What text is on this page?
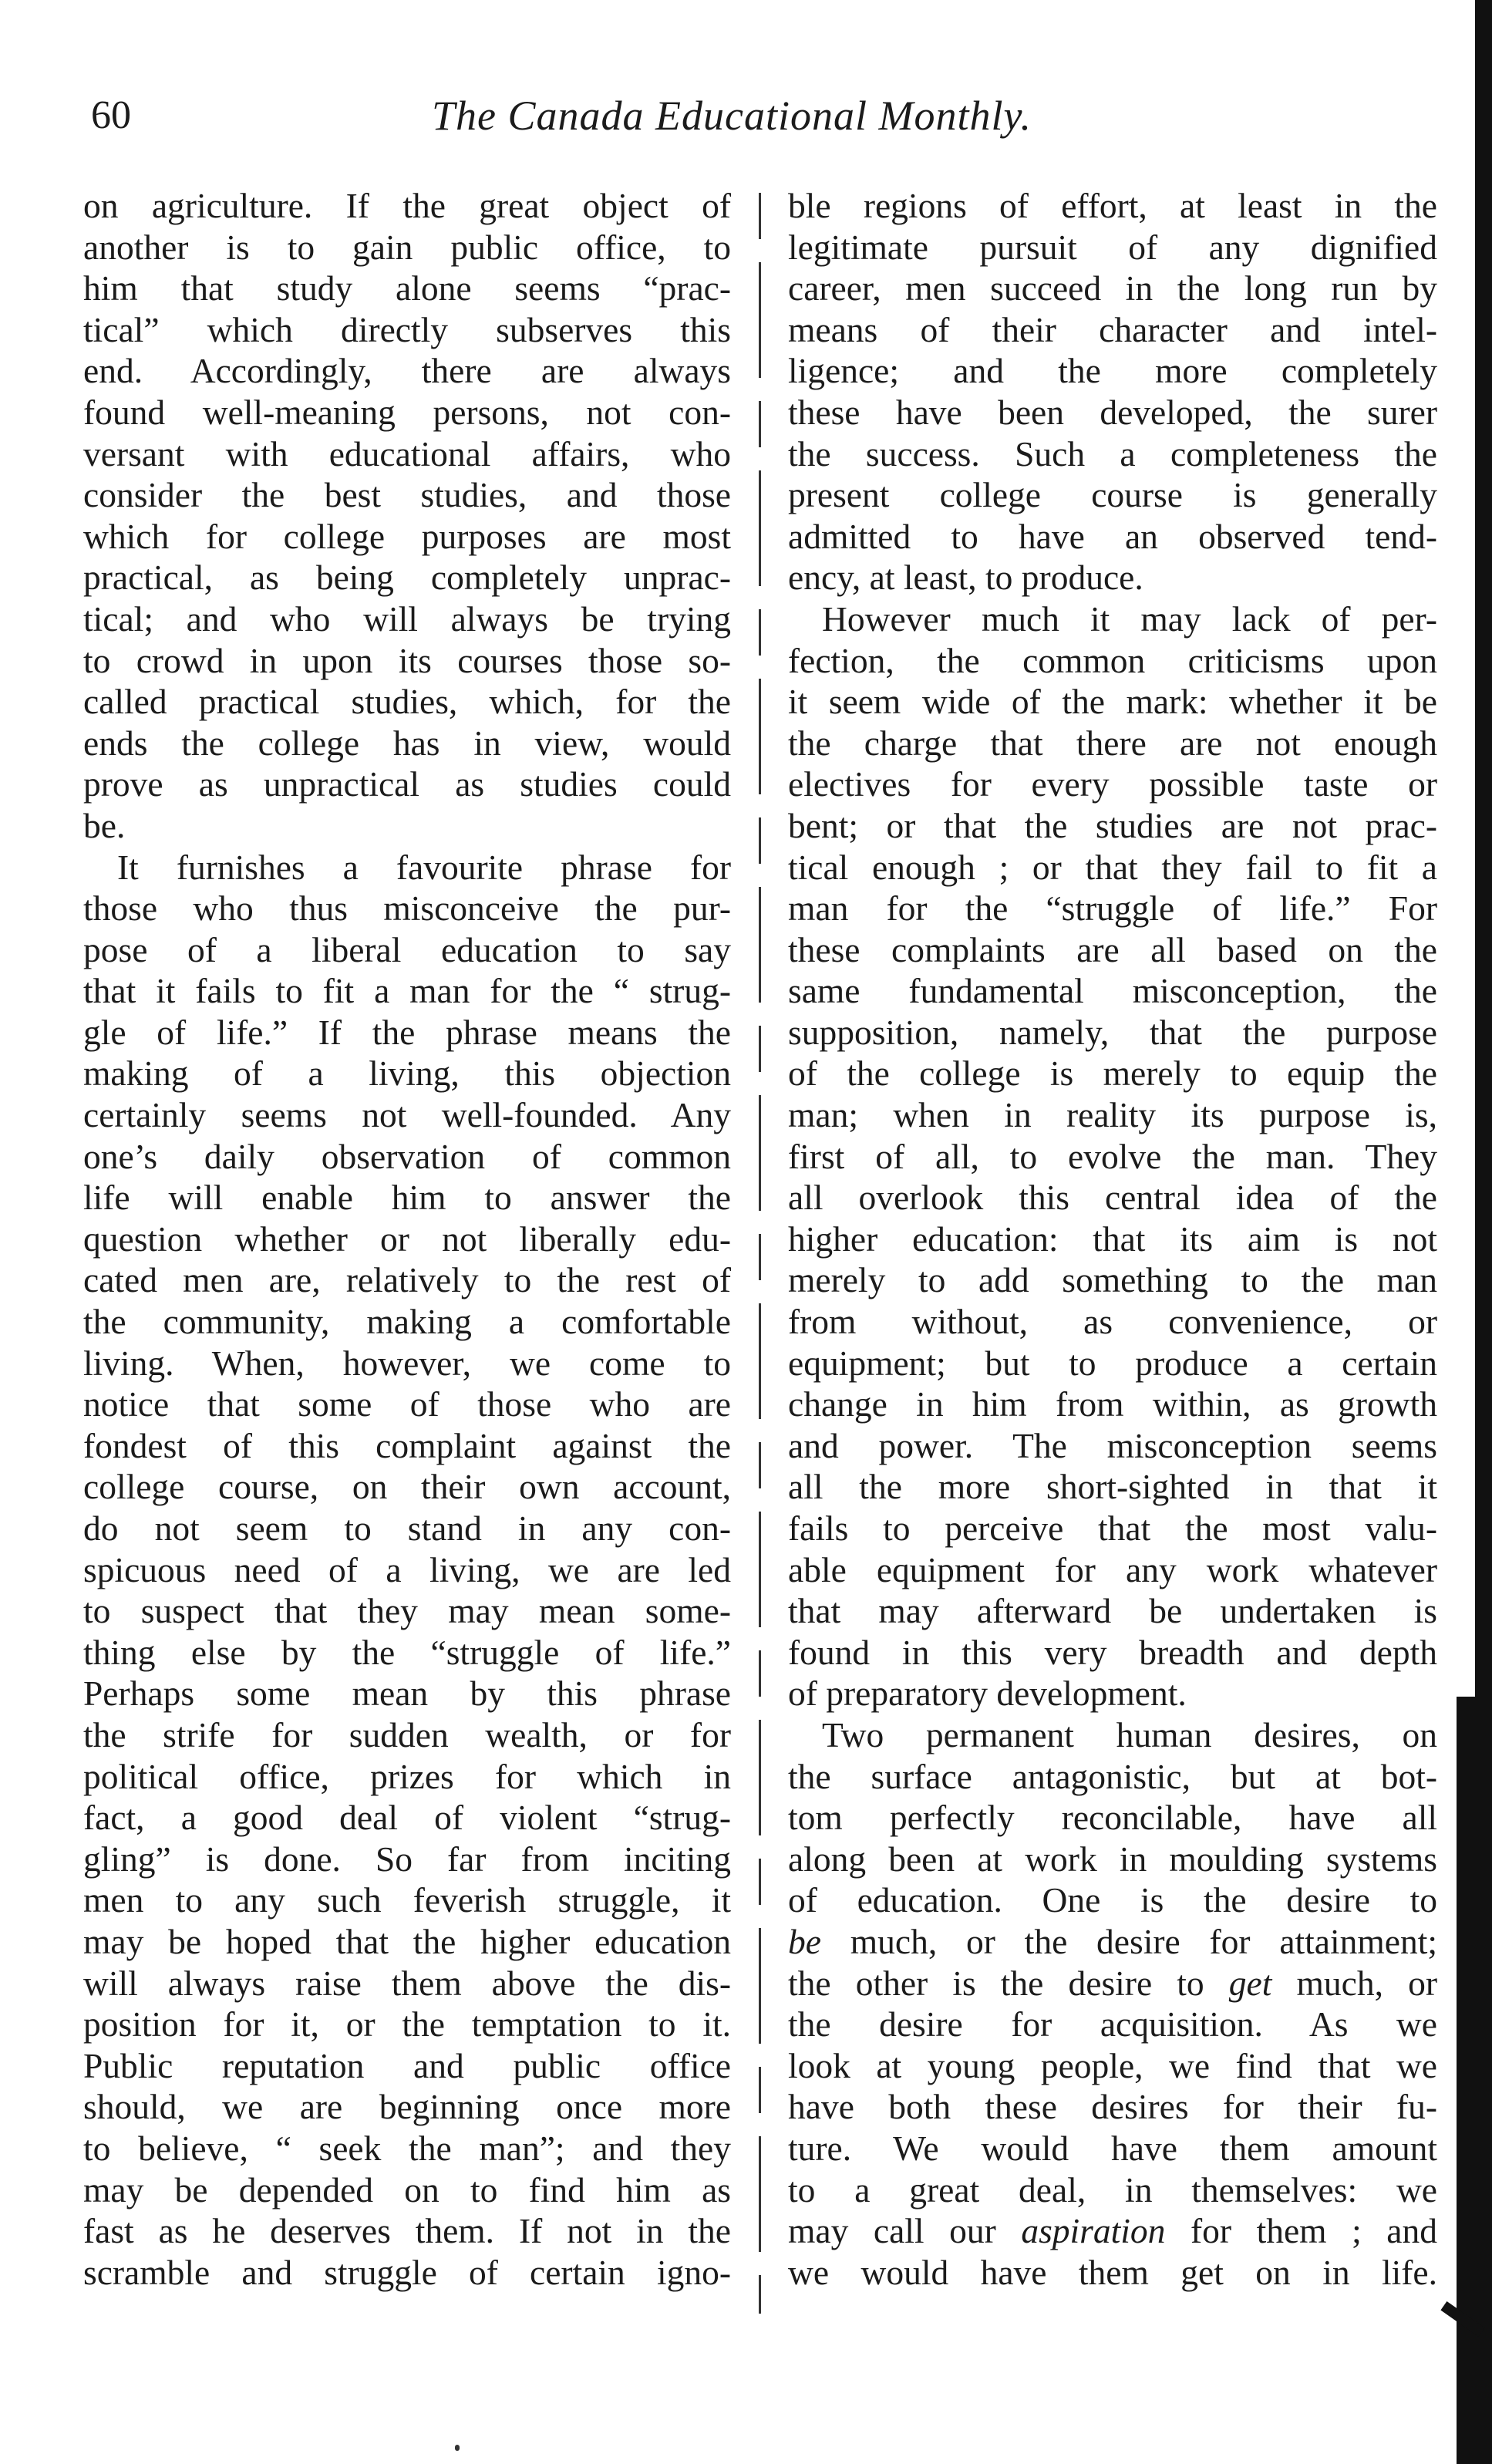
60	The Canada Educational Monthly.
on agriculture. If the great object of
another is to gain public office, to
him that study alone seems “prac-
tical” which directly subserves this
end. Accordingly, there are always
found well-meaning persons, not con-
versant with educational affairs, who
consider the best studies, and those
which for college purposes are most
practical, as being completely unprac-
tical; and who will always be trying
to crowd in upon its courses those so-
called practical studies, which, for the
ends the college has in view, would
prove as unpractical as studies could
be.
It furnishes a favourite phrase for
those who thus misconceive the pur-
pose of a liberal education to say
that it fails to fit a man for the “ strug-
gle of life.” If the phrase means the
making of a living, this objection
certainly seems not well-founded. Any
one’s daily observation of common
life will enable him to answer the
question whether or not liberally edu-
cated men are, relatively to the rest of
the community, making a comfortable
living. When, however, we come to
notice that some of those who are
fondest of this complaint against the
college course, on their own account,
do not seem to stand in any con-
spicuous need of a living, we are led
to suspect that they may mean some-
thing else by the “struggle of life.”
Perhaps some mean by this phrase
the strife for sudden wealth, or for
political office, prizes for which in
fact, a good deal of violent “strug-
gling” is done. So far from inciting
men to any such feverish struggle, it
may be hoped that the higher education
will always raise them above the dis-
position for it, or the temptation to it.
Public reputation and public office
should, we are beginning once more
to believe, “ seek the man”; and they
may be depended on to find him as
fast as he deserves them. If not in the
scramble and struggle of certain igno-
ble regions of effort, at least in the
legitimate pursuit of any dignified
career, men succeed in the long run by
means of their character and intel-
ligence; and the more completely
these have been developed, the surer
the success. Such a completeness the
present college course is generally
admitted to have an observed tend-
ency, at least, to produce.
However much it may lack of per-
fection, the common criticisms upon
it seem wide of the mark: whether it be
the charge that there are not enough
electives for every possible taste or
bent; or that the studies are not prac-
tical enough ; or that they fail to fit a
man for the “struggle of life.” For
these complaints are all based on the
same fundamental misconception, the
supposition, namely, that the purpose
of the college is merely to equip the
man; when in reality its purpose is,
first of all, to evolve the man. They
all overlook this central idea of the
higher education: that its aim is not
merely to add something to the man
from without, as convenience, or
equipment; but to produce a certain
change in him from within, as growth
and power. The misconception seems
all the more short-sighted in that it
fails to perceive that the most valu-
able equipment for any work whatever
that may afterward be undertaken is
found in this very breadth and depth
of preparatory development.
Two permanent human desires, on
the surface antagonistic, but at bot-
tom perfectly reconcilable, have all
along been at work in moulding systems
of education. One is the desire to
be much, or the desire for attainment;
the other is the desire to get much, or
the desire for acquisition. As we
look at young people, we find that we
have both these desires for their fu-
ture. We would have them amount
to a great deal, in themselves: we
may call our aspiration for them ; and
we would have them get on in life.
